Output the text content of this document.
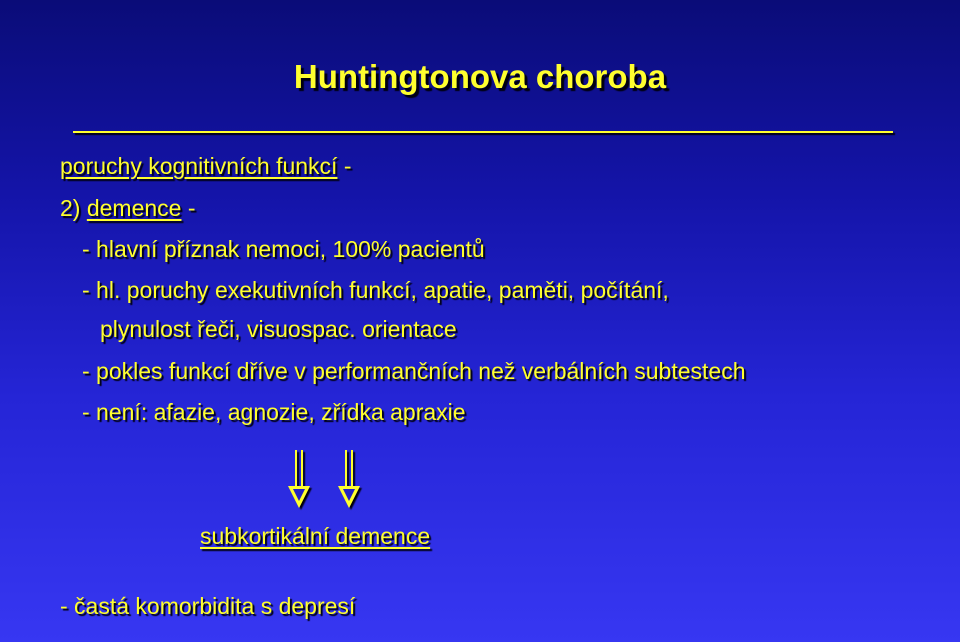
Huntingtonova choroba
poruchy kognitivních funkcí -
2) demence -
- hlavní příznak nemoci, 100% pacientů
- hl. poruchy exekutivních funkcí, apatie, paměti, počítání,
plynulost řeči, visuospac. orientace
- pokles funkcí dříve v performančních než verbálních subtestech
- není: afazie, agnozie, zřídka apraxie
subkortikální demence
- častá komorbidita s depresí
